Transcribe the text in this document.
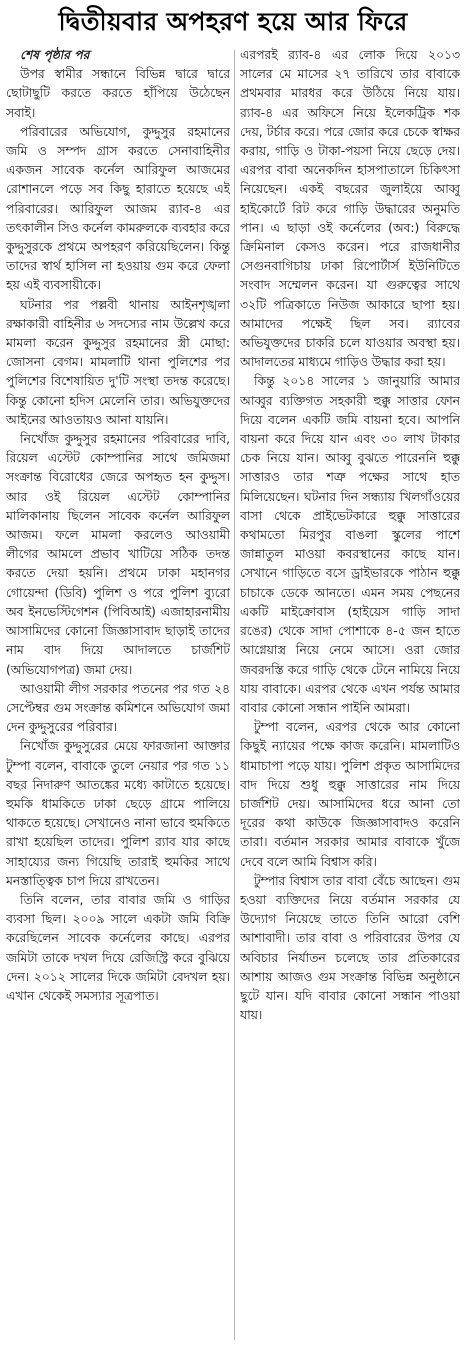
দ্বিতীয়বার অপহরণ হয়ে আর ফিরে

শেষ পৃষ্ঠার পর

উপর স্বামীর সন্ধানে বিভিন্ন দ্বারে দ্বারে ছোটাছুটি করতে করতে হাঁপিয়ে উঠেছেন সবাই।

পরিবারের অভিযোগ, কুদ্দুসুর রহমানের জমি ও সম্পদ গ্রাস করতে সেনাবাহিনীর একজন সাবেক কর্নেল আরিফুল আজমের রোশানলে পড়ে সব কিছু হারাতে হয়েছে এই পরিবারের। আরিফুল আজম র‌্যাব-৪ এর তৎকালীন সিও কর্নেল কামরুলকে ব্যবহার করে কুদ্দুসুরকে প্রথমে অপহরণ করিয়েছিলেন। কিন্তু তাদের স্বার্থ হাসিল না হওয়ায় গুম করে ফেলা হয় এই ব্যবসায়ীকে।

ঘটনার পর পল্লবী থানায় আইনশৃঙ্খলা রক্ষাকারী বাহিনীর ৬ সদস্যের নাম উল্লেখ করে মামলা করেন কুদ্দুসুর রহমানের স্ত্রী মোছা: জোসনা বেগম। মামলাটি থানা পুলিশের পর পুলিশের বিশেষায়িত দু'টি সংস্থা তদন্ত করেছে। কিন্তু কোনো হদিস মেলেনি তার। অভিযুক্তদের আইনের আওতায়ও আনা যায়নি।

নিখোঁজ কুদ্দুসুর রহমানের পরিবারের দাবি, রিয়েল এস্টেট কোম্পানির সাথে জমিজমা সংক্রান্ত বিরোধের জেরে অপহৃত হন কুদ্দুস। আর ওই রিয়েল এস্টেট কোম্পানির মালিকানায় ছিলেন সাবেক কর্নেল আরিফুল আজম। ফলে মামলা করলেও আওয়ামী লীগের আমলে প্রভাব খাটিয়ে সঠিক তদন্ত করতে দেয়া হয়নি। প্রথমে ঢাকা মহানগর গোয়েন্দা (ডিবি) পুলিশ ও পরে পুলিশ ব্যুরো অব ইনভেস্টিগেশন (পিবিআই) এজাহারনামীয় আসামিদের কোনো জিজ্ঞাসাবাদ ছাড়াই তাদের নাম বাদ দিয়ে আদালতে চার্জশিট (অভিযোগপত্র) জমা দেয়।

আওয়ামী লীগ সরকার পতনের পর গত ২৪ সেপ্টেম্বর গুম সংক্রান্ত কমিশনে অভিযোগ জমা দেন কুদ্দুসুরের পরিবার।

নিখোঁজ কুদ্দুসুরের মেয়ে ফারজানা আক্তার টুম্পা বলেন, বাবাকে তুলে নেয়ার পর গত ১১ বছর নিদারুণ আতঙ্কের মধ্যে কাটাতে হয়েছে। হুমকি ধামকিতে ঢাকা ছেড়ে গ্রামে পালিয়ে থাকতে হয়েছে। সেখানেও নানা ভাবে হুমকিতে রাখা হয়েছিল তাদের। পুলিশ র‌্যাব যার কাছে সাহায্যের জন্য গিয়েছি তারাই হুমকির সাথে মনস্তাত্ত্বিক চাপ দিয়ে রাখতেন।

তিনি বলেন, তার বাবার জমি ও গাড়ির ব্যবসা ছিল। ২০০৯ সালে একটা জমি বিক্রি করেছিলেন সাবেক কর্নেলের কাছে। এরপর জমিটা তাকে দখল দিয়ে রেজিস্ট্রি করে বুঝিয়ে দেন। ২০১২ সালের দিকে জমিটা বেদখল হয়। এখান থেকেই সমস্যার সূত্রপাত।

এরপরই র‌্যাব-৪ এর লোক দিয়ে ২০১৩ সালের মে মাসের ২৭ তারিখে তার বাবাকে প্রথমবার মারধর করে উঠিয়ে নিয়ে যায়। র‌্যাব-৪ এর অফিসে নিয়ে ইলেকট্রিক শক দেয়, টর্চার করে। পরে জোর করে চেকে স্বাক্ষর করায়, গাড়ি ও টাকা-পয়সা নিয়ে ছেড়ে দেয়। এরপর বাবা অনেকদিন হাসপাতালে চিকিৎসা নিয়েছেন। একই বছরের জুলাইয়ে আব্বু হাইকোর্টে রিট করে গাড়ি উদ্ধারের অনুমতি পান। এ ছাড়া ওই কর্নেলের (অব:) বিরুদ্ধে ক্রিমিনাল কেসও করেন। পরে রাজধানীর সেগুনবাগিচায় ঢাকা রিপোর্টার্স ইউনিটিতে সংবাদ সম্মেলন করেন। যা গুরুত্বের সাথে ৩২টি পত্রিকাতে নিউজ আকারে ছাপা হয়। আমাদের পক্ষেই ছিল সব। র‌্যাবের অভিযুক্তদের চাকরি চলে যাওয়ার অবস্থা হয়। আদালতের মাধ্যমে গাড়িও উদ্ধার করা হয়।

কিন্তু ২০১৪ সালের ১ জানুয়ারি আমার আব্বুর ব্যক্তিগত সহকারী হুক্কু সাত্তার ফোন দিয়ে বলেন একটি জমি বায়না হবে। আপনি বায়না করে দিয়ে যান এবং ৩০ লাখ টাকার চেক নিয়ে যান। আব্বু বুঝতে পারেননি হুক্কু সাত্তারও তার শত্রু পক্ষের সাথে হাত মিলিয়েছেন। ঘটনার দিন সন্ধ্যায় খিলগাঁওয়ের বাসা থেকে প্রাইভেটকারে হুক্কু সাত্তারের কথামতো মিরপুর বাঙলা স্কুলের পাশে জান্নাতুল মাওয়া কবরস্থানের কাছে যান। সেখানে গাড়িতে বসে ড্রাইভারকে পাঠান হুক্কু চাচাকে ডেকে আনতে। এমন সময় পেছনের একটি মাইক্রোবাস (হাইয়েস গাড়ি সাদা রঙের) থেকে সাদা পোশাকে ৪-৫ জন হাতে আগ্নেয়াস্ত্র নিয়ে নেমে আসে। ওরা জোর জবরদস্তি করে গাড়ি থেকে টেনে নামিয়ে নিয়ে যায় বাবাকে। এরপর থেকে এখন পর্যন্ত আমার বাবার কোনো সন্ধান পাইনি আমরা।

টুম্পা বলেন, এরপর থেকে আর কোনো কিছুই ন্যায়ের পক্ষে কাজ করেনি। মামলাটিও ধামাচাপা পড়ে যায়। পুলিশ প্রকৃত আসামিদের বাদ দিয়ে শুধু হুক্কু সাত্তারের নাম দিয়ে চার্জশিট দেয়। আসামিদের ধরে আনা তো দূরের কথা কাউকে জিজ্ঞাসাবাদও করেনি তারা। বর্তমান সরকার আমার বাবাকে খুঁজে দেবে বলে আমি বিশ্বাস করি।

টুম্পার বিশ্বাস তার বাবা বেঁচে আছেন। গুম হওয়া ব্যক্তিদের নিয়ে বর্তমান সরকার যে উদ্যোগ নিয়েছে তাতে তিনি আরো বেশি আশাবাদী। তার বাবা ও পরিবারের উপর যে অবিচার নির্যাতন চলেছে তার প্রতিকারের আশায় আজও গুম সংক্রান্ত বিভিন্ন অনুষ্ঠানে ছুটে যান। যদি বাবার কোনো সন্ধান পাওয়া যায়।
